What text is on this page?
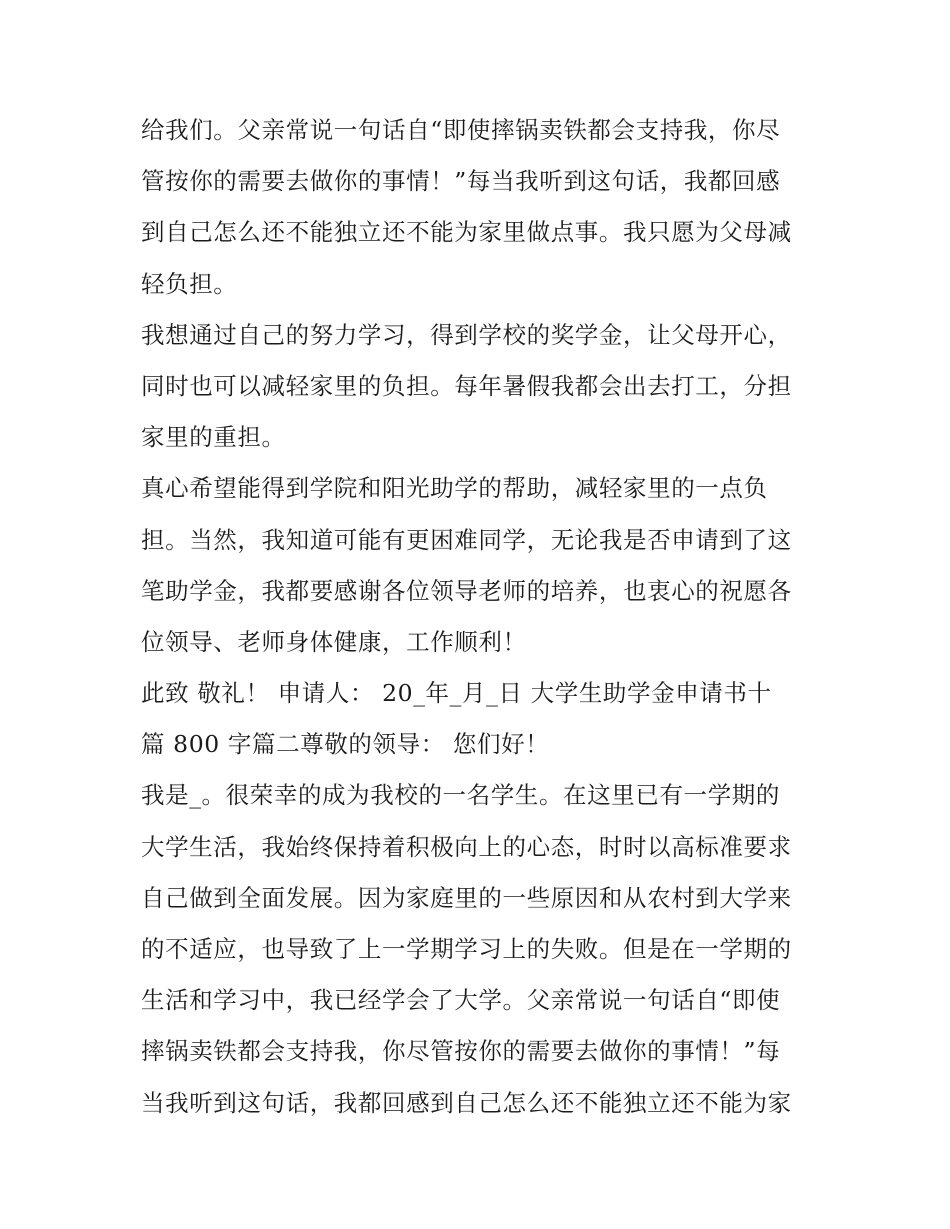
给我们。父亲常说一句话自“即使摔锅卖铁都会支持我，你尽
管按你的需要去做你的事情！”每当我听到这句话，我都回感
到自己怎么还不能独立还不能为家里做点事。我只愿为父母减
轻负担。
我想通过自己的努力学习，得到学校的奖学金，让父母开心，
同时也可以减轻家里的负担。每年暑假我都会出去打工，分担
家里的重担。
真心希望能得到学院和阳光助学的帮助，减轻家里的一点负
担。当然，我知道可能有更困难同学，无论我是否申请到了这
笔助学金，我都要感谢各位领导老师的培养，也衷心的祝愿各
位领导、老师身体健康，工作顺利！
此致 敬礼！ 申请人： 20_年_月_日 大学生助学金申请书十
篇 800 字篇二尊敬的领导： 您们好！
我是_。很荣幸的成为我校的一名学生。在这里已有一学期的
大学生活，我始终保持着积极向上的心态，时时以高标准要求
自己做到全面发展。因为家庭里的一些原因和从农村到大学来
的不适应，也导致了上一学期学习上的失败。但是在一学期的
生活和学习中，我已经学会了大学。父亲常说一句话自“即使
摔锅卖铁都会支持我，你尽管按你的需要去做你的事情！”每
当我听到这句话，我都回感到自己怎么还不能独立还不能为家
